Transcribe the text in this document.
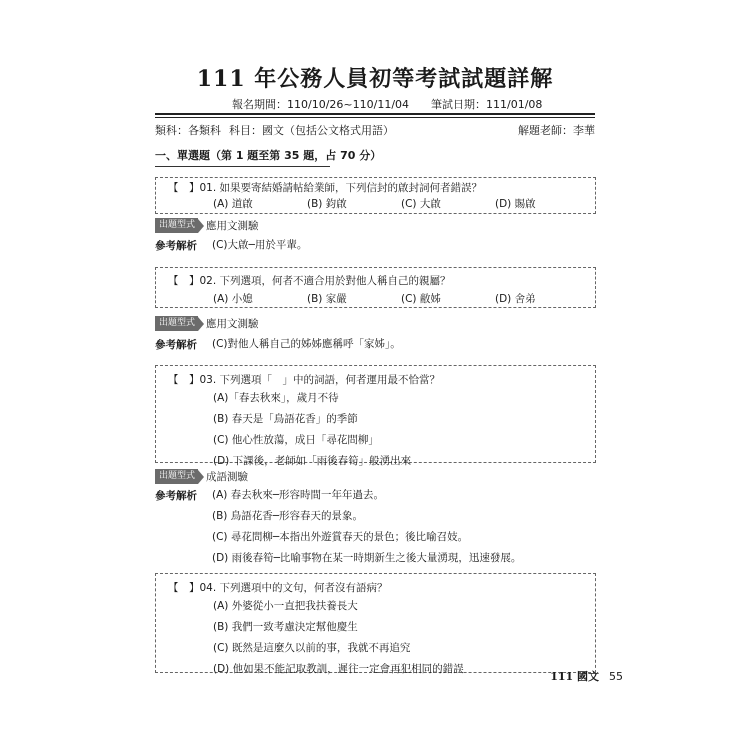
111 年公務人員初等考試試題詳解
報名期間：110/10/26~110/11/04 筆試日期：111/01/08
類科：各類科 科目：國文（包括公文格式用語）	解題老師：李華
一、單選題（第 1 題至第 35 題，占 70 分）
【　】01. 如果要寄結婚請帖給業師，下列信封的啟封詞何者錯誤？
(A) 道啟	(B) 鈞啟	(C) 大啟	(D) 賜啟
出題型式 應用文測驗
參考解析 (C)大啟─用於平輩。
【　】02. 下列選項，何者不適合用於對他人稱自己的親屬？
(A) 小媳	(B) 家嚴	(C) 敝姊	(D) 舍弟
出題型式 應用文測驗
參考解析 (C)對他人稱自己的姊姊應稱呼「家姊」。
【　】03. 下列選項「　」中的詞語，何者運用最不恰當？
(A)「春去秋來」，歲月不待
(B) 春天是「鳥語花香」的季節
(C) 他心性放蕩，成日「尋花問柳」
(D) 下課後，老師如「雨後春筍」般湧出來
出題型式 成語測驗
參考解析 (A) 春去秋來─形容時間一年年過去。
(B) 鳥語花香─形容春天的景象。
(C) 尋花問柳─本指出外遊賞春天的景色；後比喻召妓。
(D) 雨後春筍─比喻事物在某一時期新生之後大量湧現，迅速發展。
【　】04. 下列選項中的文句，何者沒有語病？
(A) 外婆從小一直把我扶養長大
(B) 我們一致考慮決定幫他慶生
(C) 既然是這麼久以前的事，我就不再追究
(D) 他如果不能記取教訓，遲往一定會再犯相同的錯誤
111 國文 55
